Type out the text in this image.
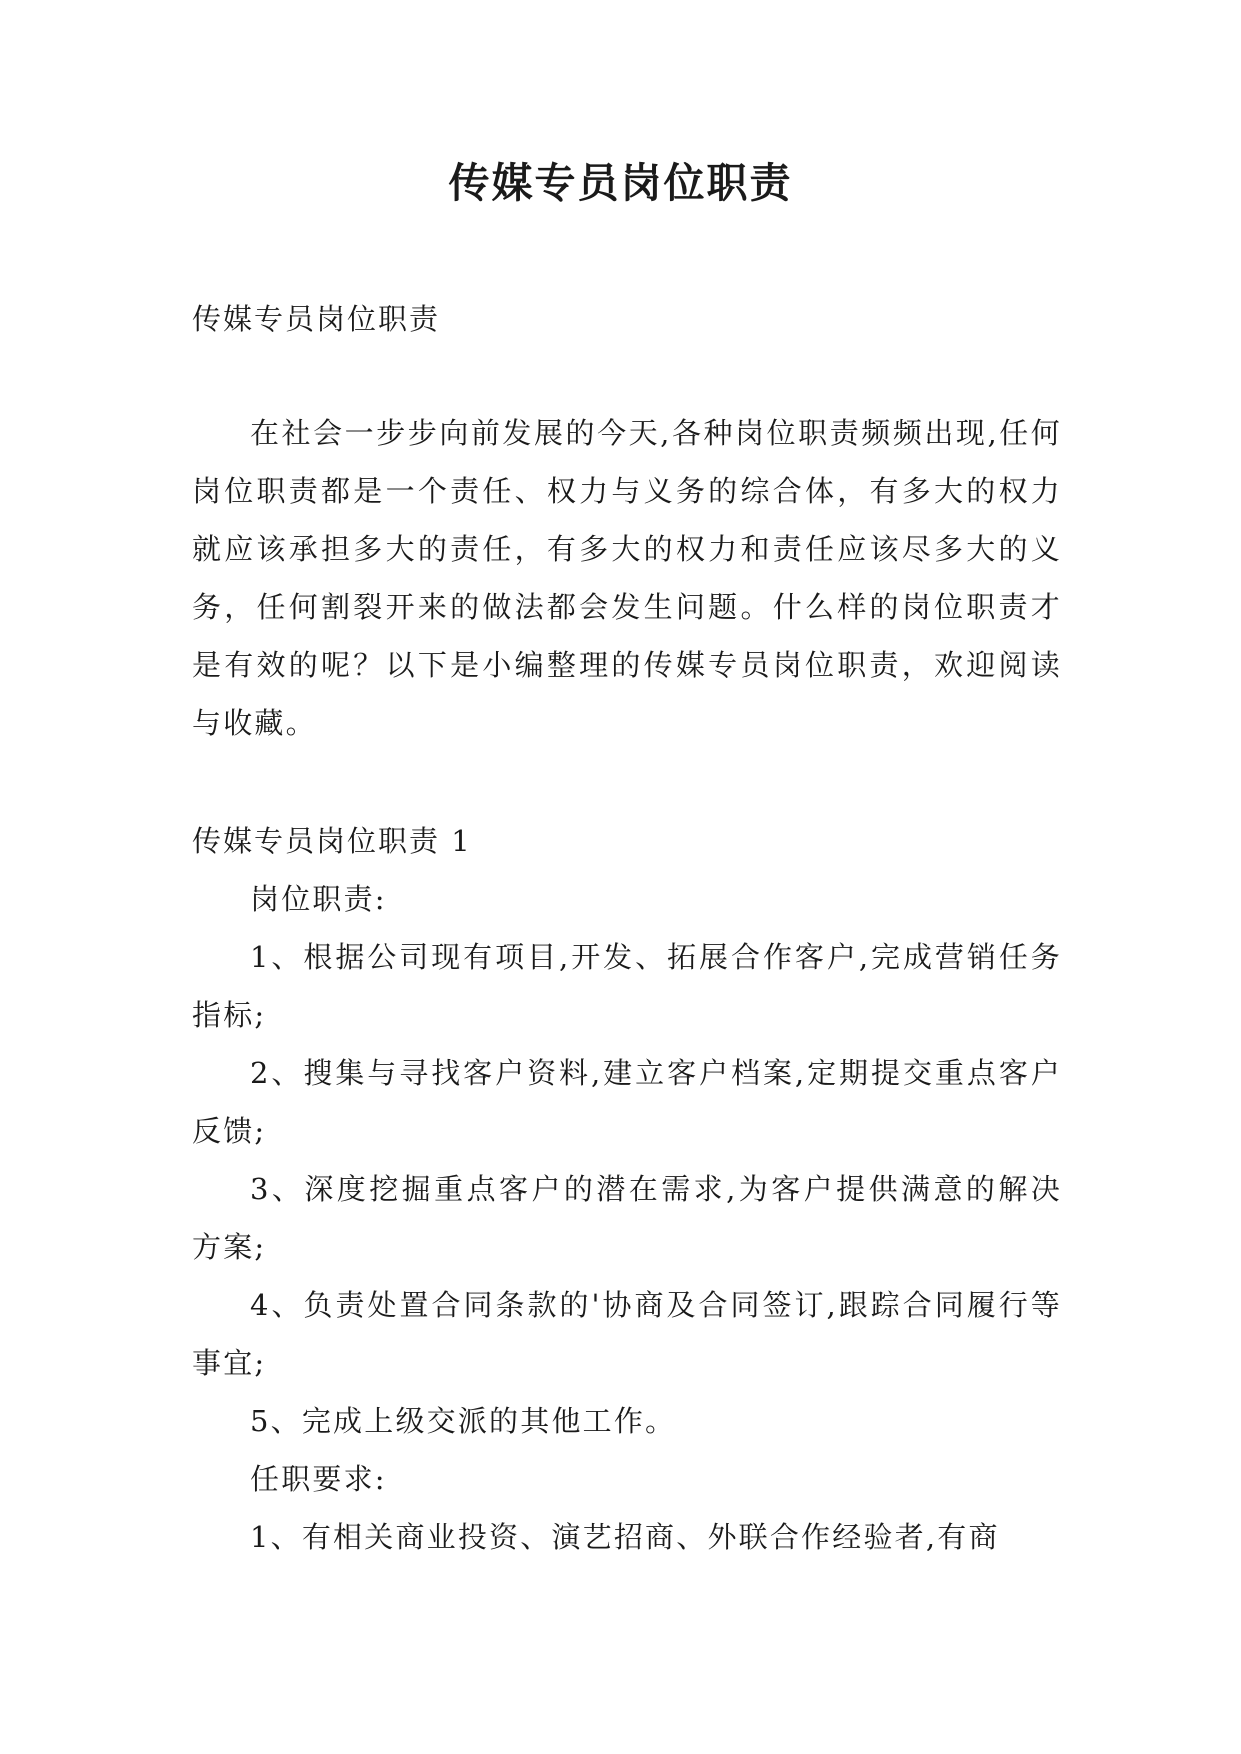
传媒专员岗位职责

传媒专员岗位职责

在社会一步步向前发展的今天,各种岗位职责频频出现,任何岗位职责都是一个责任、权力与义务的综合体，有多大的权力就应该承担多大的责任，有多大的权力和责任应该尽多大的义务，任何割裂开来的做法都会发生问题。什么样的岗位职责才是有效的呢？以下是小编整理的传媒专员岗位职责，欢迎阅读与收藏。

传媒专员岗位职责 1

岗位职责:

1、根据公司现有项目,开发、拓展合作客户,完成营销任务指标;

2、搜集与寻找客户资料,建立客户档案,定期提交重点客户反馈;

3、深度挖掘重点客户的潜在需求,为客户提供满意的解决方案;

4、负责处置合同条款的'协商及合同签订,跟踪合同履行等事宜;

5、完成上级交派的其他工作。

任职要求:

1、有相关商业投资、演艺招商、外联合作经验者,有商
